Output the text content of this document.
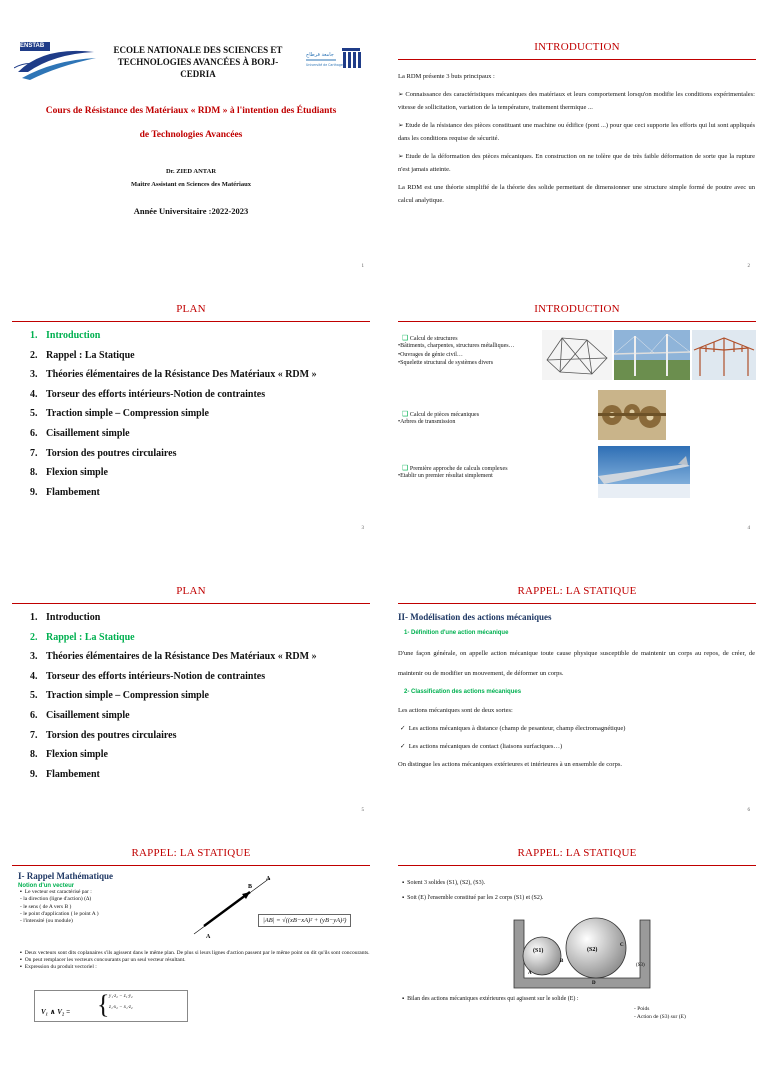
ENSTAB	ECOLE NATIONALE DES SCIENCES ET TECHNOLOGIES AVANCÉES À BORJ-CEDRIA
جامعة قرطاج
Université de Carthage
Cours de Résistance des Matériaux « RDM » à l'intention des Étudiants
de Technologies Avancées
Dr. ZIED ANTAR
Maitre Assistant en Sciences des Matériaux
Année Universitaire :2022-2023
1
INTRODUCTION
La RDM présente 3 buts principaux :
➢ Connaissance des caractéristiques mécaniques des matériaux et leurs comportement lorsqu'on modifie les conditions expérimentales: vitesse de sollicitation, variation de la température, traitement thermique ...
➢ Etude de la résistance des pièces constituant une machine ou édifice (pont ...) pour que ceci supporte les efforts qui lui sont appliqués dans les conditions requise de sécurité.
➢ Etude de la déformation des pièces mécaniques. En construction on ne tolère que de très faible déformation de sorte que la rupture n'est jamais atteinte.
La RDM est une théorie simplifié de la théorie des solide permettant de dimensionner une structure simple formé de poutre avec un calcul analytique.
2
PLAN
1. Introduction
2. Rappel : La Statique
3. Théories élémentaires de la Résistance Des Matériaux « RDM »
4. Torseur des efforts intérieurs-Notion de contraintes
5. Traction simple – Compression simple
6. Cisaillement simple
7. Torsion des poutres circulaires
8. Flexion simple
9. Flambement
3
INTRODUCTION
❑ Calcul de structures
•Bâtiments, charpentes, structures métalliques…
•Ouvrages de génie civil…
•Squelette structural de systèmes divers
❑ Calcul de pièces mécaniques
•Arbres de transmission
❑ Première approche de calculs complexes
•Etablir un premier résultat simplement
4
PLAN
1. Introduction
2. Rappel : La Statique
3. Théories élémentaires de la Résistance Des Matériaux « RDM »
4. Torseur des efforts intérieurs-Notion de contraintes
5. Traction simple – Compression simple
6. Cisaillement simple
7. Torsion des poutres circulaires
8. Flexion simple
9. Flambement
5
RAPPEL: LA STATIQUE
II- Modélisation des actions mécaniques
1- Définition d'une action mécanique
D'une façon générale, on appelle action mécanique toute cause physique susceptible de maintenir un corps au repos, de créer, de maintenir ou de modifier un mouvement, de déformer un corps.
2- Classification des actions mécaniques
Les actions mécaniques sont de deux sortes:
✓ Les actions mécaniques à distance (champ de pesanteur, champ électromagnétique)
✓ Les actions mécaniques de contact (liaisons surfaciques…)
On distingue les actions mécaniques extérieures et intérieures à un ensemble de corps.
6
RAPPEL: LA STATIQUE
I- Rappel Mathématique
Notion d'un vecteur
▪ Le vecteur est caractérisé par :
- la direction (ligne d'action) (Δ)
- le sens ( de A vers B )
- le point d'application ( le point A )
- l'intensité (ou module)
B
A
A
|AB| = √((xB−xA)² + (yB−yA)²)
▪ Deux vecteurs sont dits coplanaires s'ils agissent dans le même plan. De plus si leurs lignes d'action passent par le même point on dit qu'ils sont concourants.
▪ On peut remplacer les vecteurs concourants par un seul vecteur résultant.
▪ Expression du produit vectoriel :
V₁ ∧ V₂ = { y₁·z₂ − z₁·y₂
z₁·x₂ − x₁·z₂
RAPPEL: LA STATIQUE
▪ Soient 3 solides (S1), (S2), (S3).
▪ Soit (E) l'ensemble constitué par les 2 corps (S1) et (S2).
(S1)	(S2)
(S3)
A
B
C
D
▪ Bilan des actions mécaniques extérieures qui agissent sur le solide (E) :
- Poids
- Action de (S3) sur (E)
